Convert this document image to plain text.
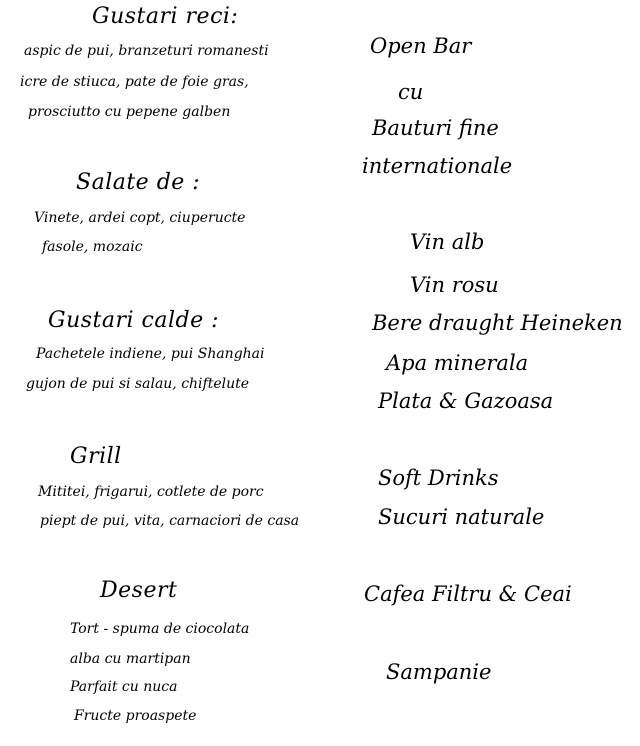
Gustari reci:
aspic de pui, branzeturi romanesti
icre de stiuca, pate de foie gras,
prosciutto cu pepene galben
Salate de :
Vinete, ardei copt, ciuperucte
fasole, mozaic
Gustari calde :
Pachetele indiene, pui Shanghai
gujon de pui si salau, chiftelute
Grill
Mititei, frigarui, cotlete de porc
piept de pui, vita, carnaciori de casa
Desert
Tort - spuma de ciocolata
alba cu martipan
Parfait cu nuca
Fructe proaspete
Open Bar
cu
Bauturi fine
internationale
Vin alb
Vin rosu
Bere draught Heineken
Apa minerala
Plata & Gazoasa
Soft Drinks
Sucuri naturale
Cafea Filtru & Ceai
Sampanie
